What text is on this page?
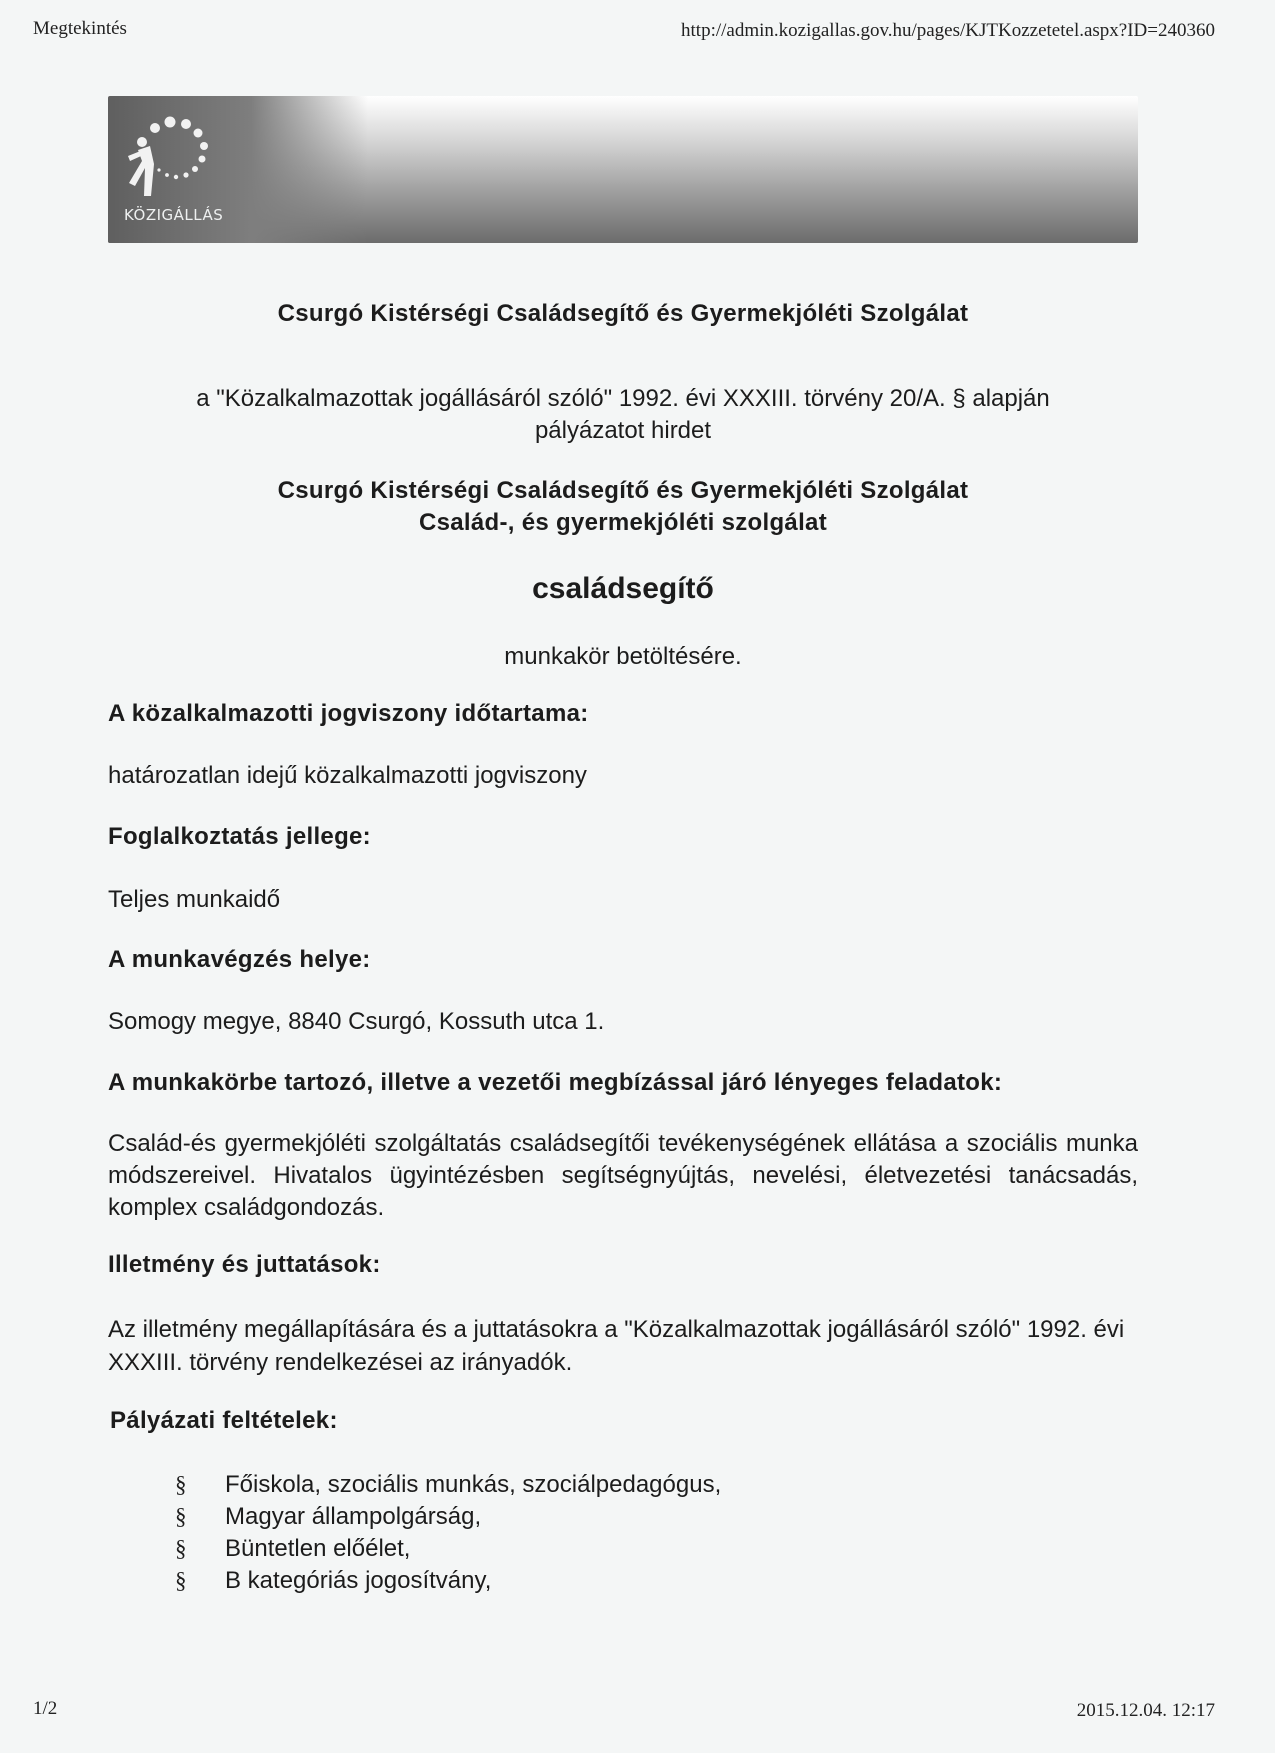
Megtekintés	http://admin.kozigallas.gov.hu/pages/KJTKozzetetel.aspx?ID=240360
KÖZIGÁLLÁS
Csurgó Kistérségi Családsegítő és Gyermekjóléti Szolgálat
a "Közalkalmazottak jogállásáról szóló" 1992. évi XXXIII. törvény 20/A. § alapján
pályázatot hirdet
Csurgó Kistérségi Családsegítő és Gyermekjóléti Szolgálat
Család-, és gyermekjóléti szolgálat
családsegítő
munkakör betöltésére.
A közalkalmazotti jogviszony időtartama:
határozatlan idejű közalkalmazotti jogviszony
Foglalkoztatás jellege:
Teljes munkaidő
A munkavégzés helye:
Somogy megye, 8840 Csurgó, Kossuth utca 1.
A munkakörbe tartozó, illetve a vezetői megbízással járó lényeges feladatok:
Család-és gyermekjóléti szolgáltatás családsegítői tevékenységének ellátása a szociális munka módszereivel. Hivatalos ügyintézésben segítségnyújtás, nevelési, életvezetési tanácsadás, komplex családgondozás.
Illetmény és juttatások:
Az illetmény megállapítására és a juttatásokra a "Közalkalmazottak jogállásáról szóló" 1992. évi XXXIII. törvény rendelkezései az irányadók.
Pályázati feltételek:
§ Főiskola, szociális munkás, szociálpedagógus,
§ Magyar állampolgárság,
§ Büntetlen előélet,
§ B kategóriás jogosítvány,
1/2	2015.12.04. 12:17
